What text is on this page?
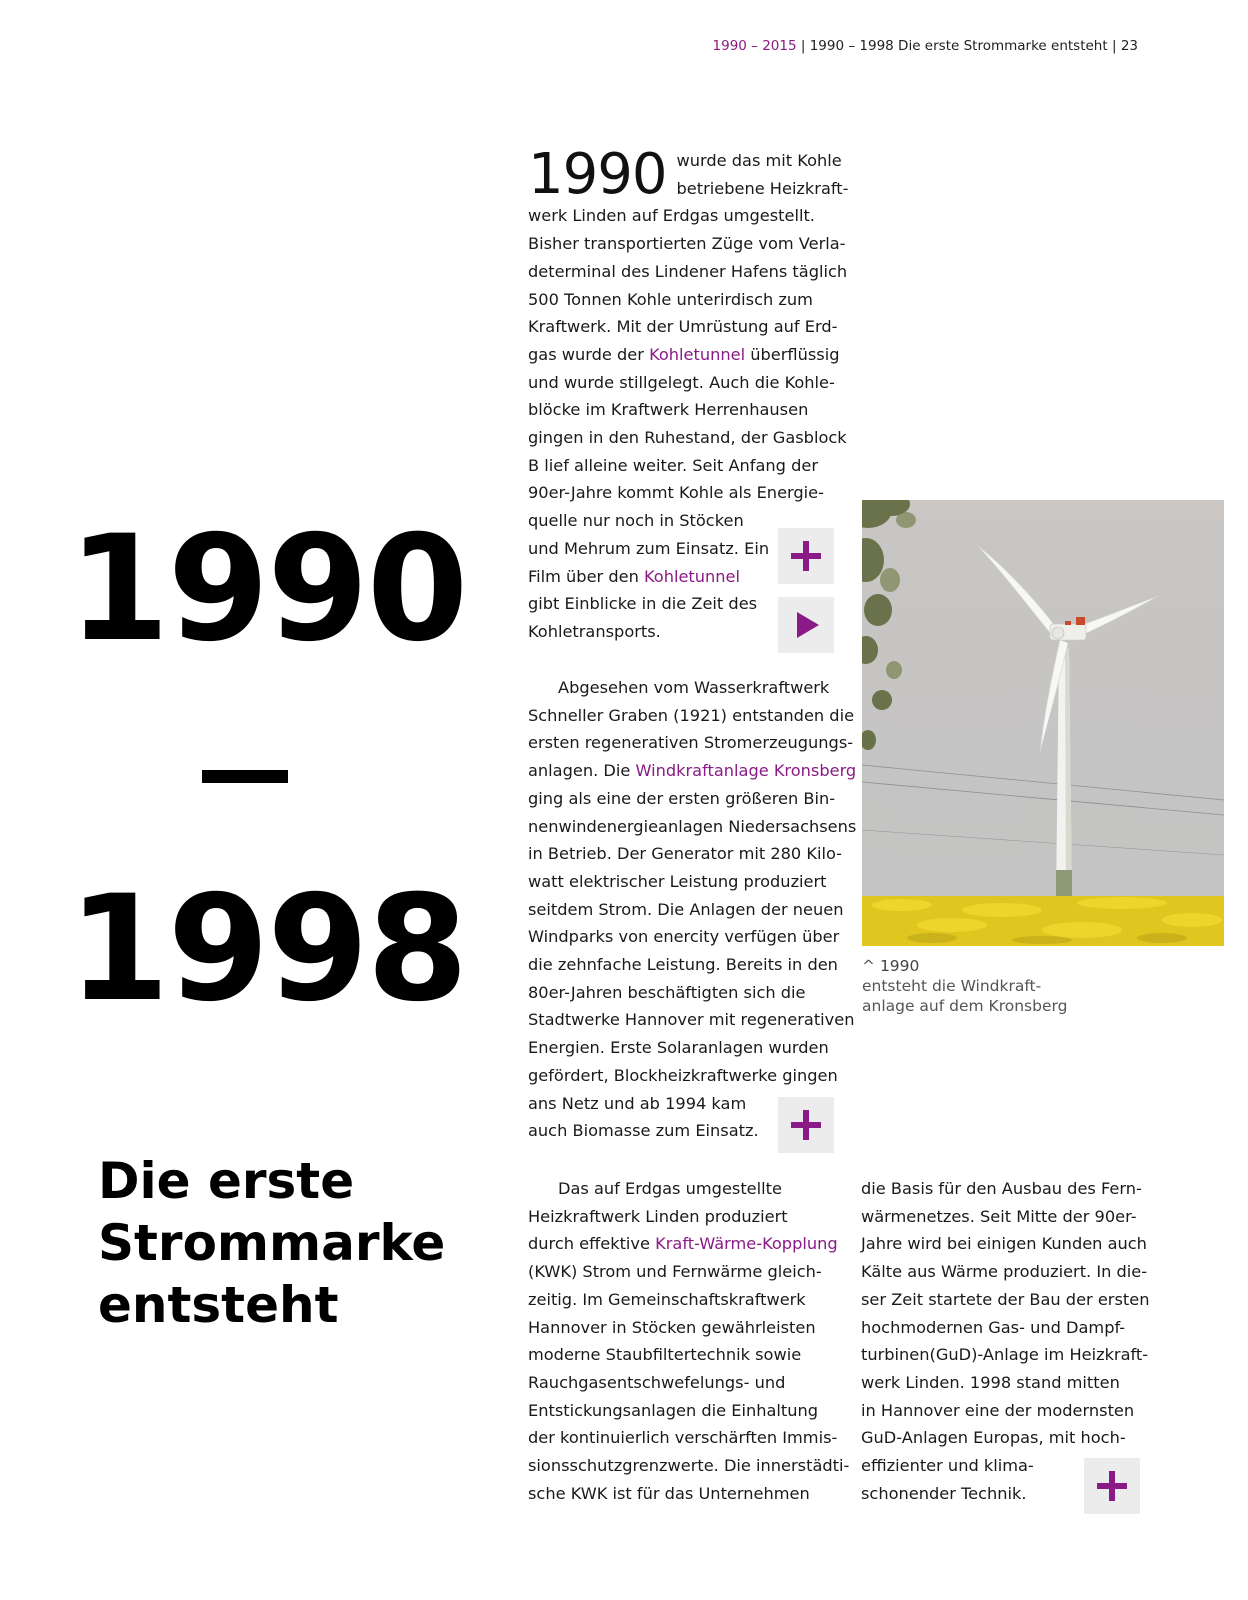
1990 – 2015 | 1990 – 1998 Die erste Strommarke entsteht | 23
1990
1998
Die erste
Strommarke
entsteht
1990 wurde das mit Kohle
betriebene Heizkraft-
werk Linden auf Erdgas umgestellt.
Bisher transportierten Züge vom Verla-
determinal des Lindener Hafens täglich
500 Tonnen Kohle unterirdisch zum
Kraftwerk. Mit der Umrüstung auf Erd-
gas wurde der Kohletunnel überflüssig
und wurde stillgelegt. Auch die Kohle-
blöcke im Kraftwerk Herrenhausen
gingen in den Ruhestand, der Gasblock
B lief alleine weiter. Seit Anfang der
90er-Jahre kommt Kohle als Energie-
quelle nur noch in Stöcken
und Mehrum zum Einsatz. Ein
Film über den Kohletunnel
gibt Einblicke in die Zeit des
Kohletransports.
Abgesehen vom Wasserkraftwerk
Schneller Graben (1921) entstanden die
ersten regenerativen Stromerzeugungs-
anlagen. Die Windkraftanlage Kronsberg
ging als eine der ersten größeren Bin-
nenwindenergieanlagen Niedersachsens
in Betrieb. Der Generator mit 280 Kilo-
watt elektrischer Leistung produziert
seitdem Strom. Die Anlagen der neuen
Windparks von enercity verfügen über
die zehnfache Leistung. Bereits in den
80er-Jahren beschäftigten sich die
Stadtwerke Hannover mit regenerativen
Energien. Erste Solaranlagen wurden
gefördert, Blockheizkraftwerke gingen
ans Netz und ab 1994 kam
auch Biomasse zum Einsatz.
Das auf Erdgas umgestellte
Heizkraftwerk Linden produziert
durch effektive Kraft-Wärme-Kopplung
(KWK) Strom und Fernwärme gleich-
zeitig. Im Gemeinschaftskraftwerk
Hannover in Stöcken gewährleisten
moderne Staubfiltertechnik sowie
Rauchgasentschwefelungs- und
Entstickungsanlagen die Einhaltung
der kontinuierlich verschärften Immis-
sionsschutzgrenzwerte. Die innerstädti-
sche KWK ist für das Unternehmen
die Basis für den Ausbau des Fern-
wärmenetzes. Seit Mitte der 90er-
Jahre wird bei einigen Kunden auch
Kälte aus Wärme produziert. In die-
ser Zeit startete der Bau der ersten
hochmodernen Gas- und Dampf-
turbinen(GuD)-Anlage im Heizkraft-
werk Linden. 1998 stand mitten
in Hannover eine der modernsten
GuD-Anlagen Europas, mit hoch-
effizienter und klima-
schonender Technik.
^ 1990
entsteht die Windkraft-
anlage auf dem Kronsberg
